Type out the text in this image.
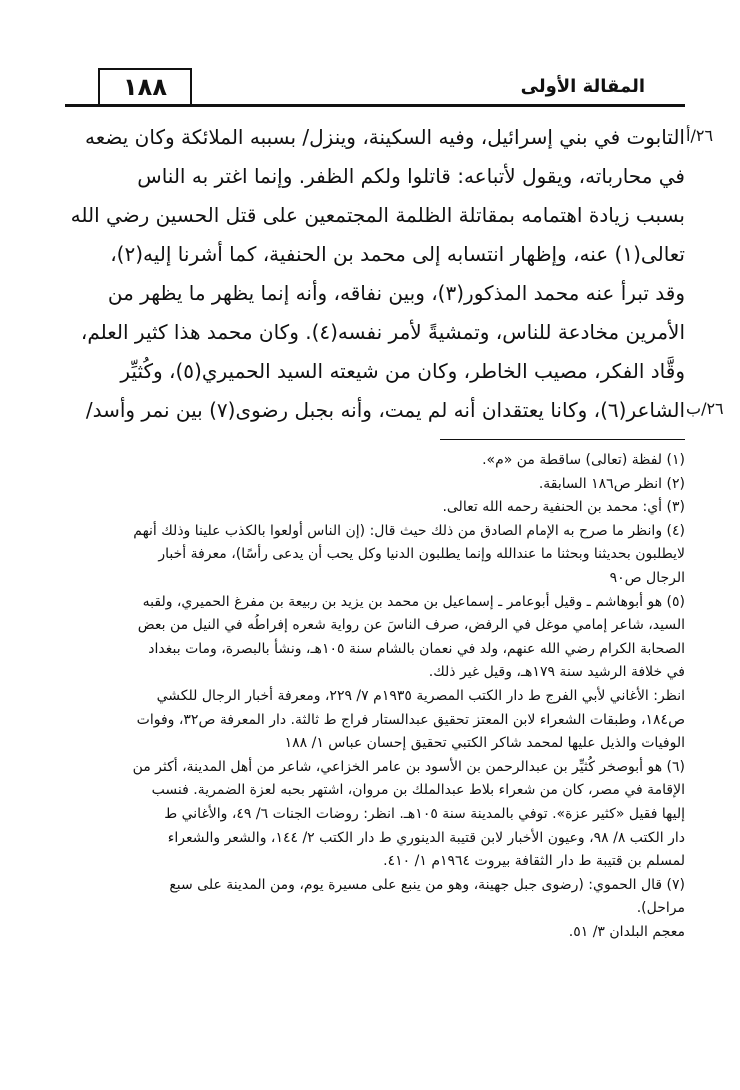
١٨٨	المقالة الأولى
التابوت في بني إسرائيل، وفيه السكينة، وينزل/ بسببه الملائكة وكان يضعه
في محارباته، ويقول لأتباعه: قاتلوا ولكم الظفر. وإنما اغتر به الناس
بسبب زيادة اهتمامه بمقاتلة الظلمة المجتمعين على قتل الحسين رضي الله
تعالى(١) عنه، وإظهار انتسابه إلى محمد بن الحنفية، كما أشرنا إليه(٢)،
وقد تبرأ عنه محمد المذكور(٣)، وبين نفاقه، وأنه إنما يظهر ما يظهر من
الأمرين مخادعة للناس، وتمشيةً لأمر نفسه(٤). وكان محمد هذا كثير العلم،
وقَّاد الفكر، مصيب الخاطر، وكان من شيعته السيد الحميري(٥)، وكُثيِّر
الشاعر(٦)، وكانا يعتقدان أنه لم يمت، وأنه بجبل رضوى(٧) بين نمر وأسد/
٢٦/أ
٢٦/ب
(١) لفظة (تعالى) ساقطة من «م».
(٢) انظر ص١٨٦ السابقة.
(٣) أي: محمد بن الحنفية رحمه الله تعالى.
(٤) وانظر ما صرح به الإمام الصادق من ذلك حيث قال: (إن الناس أولعوا بالكذب علينا وذلك أنهم
لايطلبون بحديثنا وبحثنا ما عندالله وإنما يطلبون الدنيا وكل يحب أن يدعى رأسًا)، معرفة أخبار
الرجال ص٩٠
(٥) هو أبوهاشم ـ وقيل أبوعامر ـ إسماعيل بن محمد بن يزيد بن ربيعة بن مفرغ الحميري، ولقبه
السيد، شاعر إمامي موغل في الرفض، صرف الناسَ عن رواية شعره إفراطُه في النيل من بعض
الصحابة الكرام رضي الله عنهم، ولد في نعمان بالشام سنة ١٠٥هـ، ونشأ بالبصرة، ومات ببغداد
في خلافة الرشيد سنة ١٧٩هـ، وقيل غير ذلك.
انظر: الأغاني لأبي الفرج ط دار الكتب المصرية ١٩٣٥م ٧/ ٢٢٩، ومعرفة أخبار الرجال للكشي
ص١٨٤، وطبقات الشعراء لابن المعتز تحقيق عبدالستار فراج ط ثالثة. دار المعرفة ص٣٢، وفوات
الوفيات والذيل عليها لمحمد شاكر الكتبي تحقيق إحسان عباس ١/ ١٨٨
(٦) هو أبوصخر كُثيِّر بن عبدالرحمن بن الأسود بن عامر الخزاعي، شاعر من أهل المدينة، أكثر من
الإقامة في مصر، كان من شعراء بلاط عبدالملك بن مروان، اشتهر بحبه لعزة الضمرية. فنسب
إليها فقيل «كثير عزة». توفي بالمدينة سنة ١٠٥هـ. انظر: روضات الجنات ٦/ ٤٩، والأغاني ط
دار الكتب ٨/ ٩٨، وعيون الأخبار لابن قتيبة الدينوري ط دار الكتب ٢/ ١٤٤، والشعر والشعراء
لمسلم بن قتيبة ط دار الثقافة بيروت ١٩٦٤م ١/ ٤١٠.
(٧) قال الحموي: (رضوى جبل جهينة، وهو من ينبع على مسيرة يوم، ومن المدينة على سبع
مراحل).
معجم البلدان ٣/ ٥١.
